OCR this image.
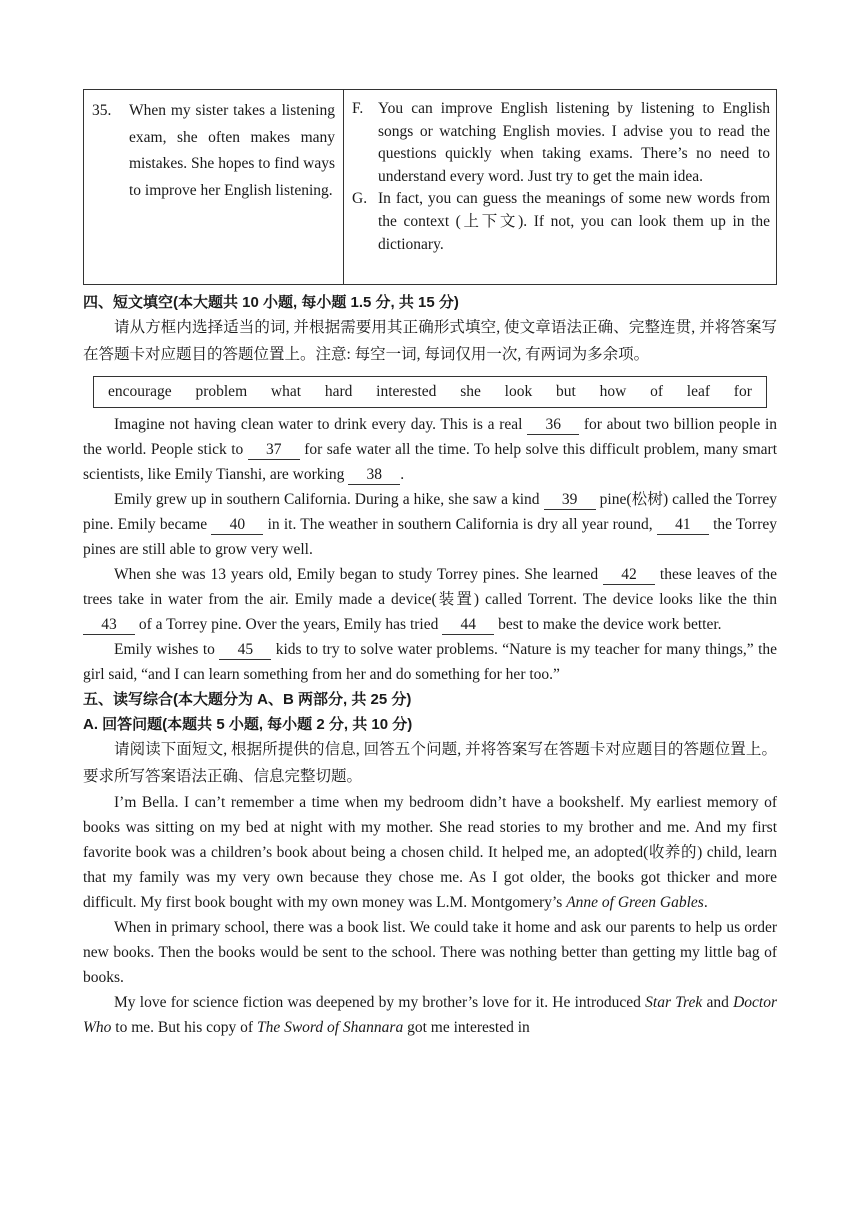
35.	When my sister takes a listening exam, she often makes many mistakes. She hopes to find ways to improve her English listening.
F. You can improve English listening by listening to English songs or watching English movies. I advise you to read the questions quickly when taking exams. There’s no need to understand every word. Just try to get the main idea.
G. In fact, you can guess the meanings of some new words from the context (上下文). If not, you can look them up in the dictionary.
四、短文填空(本大题共 10 小题, 每小题 1.5 分, 共 15 分)
请从方框内选择适当的词, 并根据需要用其正确形式填空, 使文章语法正确、完整连贯, 并将答案写在答题卡对应题目的答题位置上。注意: 每空一词, 每词仅用一次, 有两词为多余项。
encourage problem what hard interested she look but how of leaf for

Imagine not having clean water to drink every day. This is a real 36 for about two billion people in the world. People stick to 37 for safe water all the time. To help solve this difficult problem, many smart scientists, like Emily Tianshi, are working 38 .

Emily grew up in southern California. During a hike, she saw a kind 39 pine(松树) called the Torrey pine. Emily became 40 in it. The weather in southern California is dry all year round, 41 the Torrey pines are still able to grow very well.

When she was 13 years old, Emily began to study Torrey pines. She learned 42 these leaves of the trees take in water from the air. Emily made a device(装置) called Torrent. The device looks like the thin 43 of a Torrey pine. Over the years, Emily has tried 44 best to make the device work better.

Emily wishes to 45 kids to try to solve water problems. “Nature is my teacher for many things,” the girl said, “and I can learn something from her and do something for her too.”

五、读写综合(本大题分为 A、B 两部分, 共 25 分)
A. 回答问题(本题共 5 小题, 每小题 2 分, 共 10 分)
请阅读下面短文, 根据所提供的信息, 回答五个问题, 并将答案写在答题卡对应题目的答题位置上。要求所写答案语法正确、信息完整切题。

I’m Bella. I can’t remember a time when my bedroom didn’t have a bookshelf. My earliest memory of books was sitting on my bed at night with my mother. She read stories to my brother and me. And my first favorite book was a children’s book about being a chosen child. It helped me, an adopted(收养的) child, learn that my family was my very own because they chose me. As I got older, the books got thicker and more difficult. My first book bought with my own money was L.M. Montgomery’s Anne of Green Gables.

When in primary school, there was a book list. We could take it home and ask our parents to help us order new books. Then the books would be sent to the school. There was nothing better than getting my little bag of books.

My love for science fiction was deepened by my brother’s love for it. He introduced Star Trek and Doctor Who to me. But his copy of The Sword of Shannara got me interested in
